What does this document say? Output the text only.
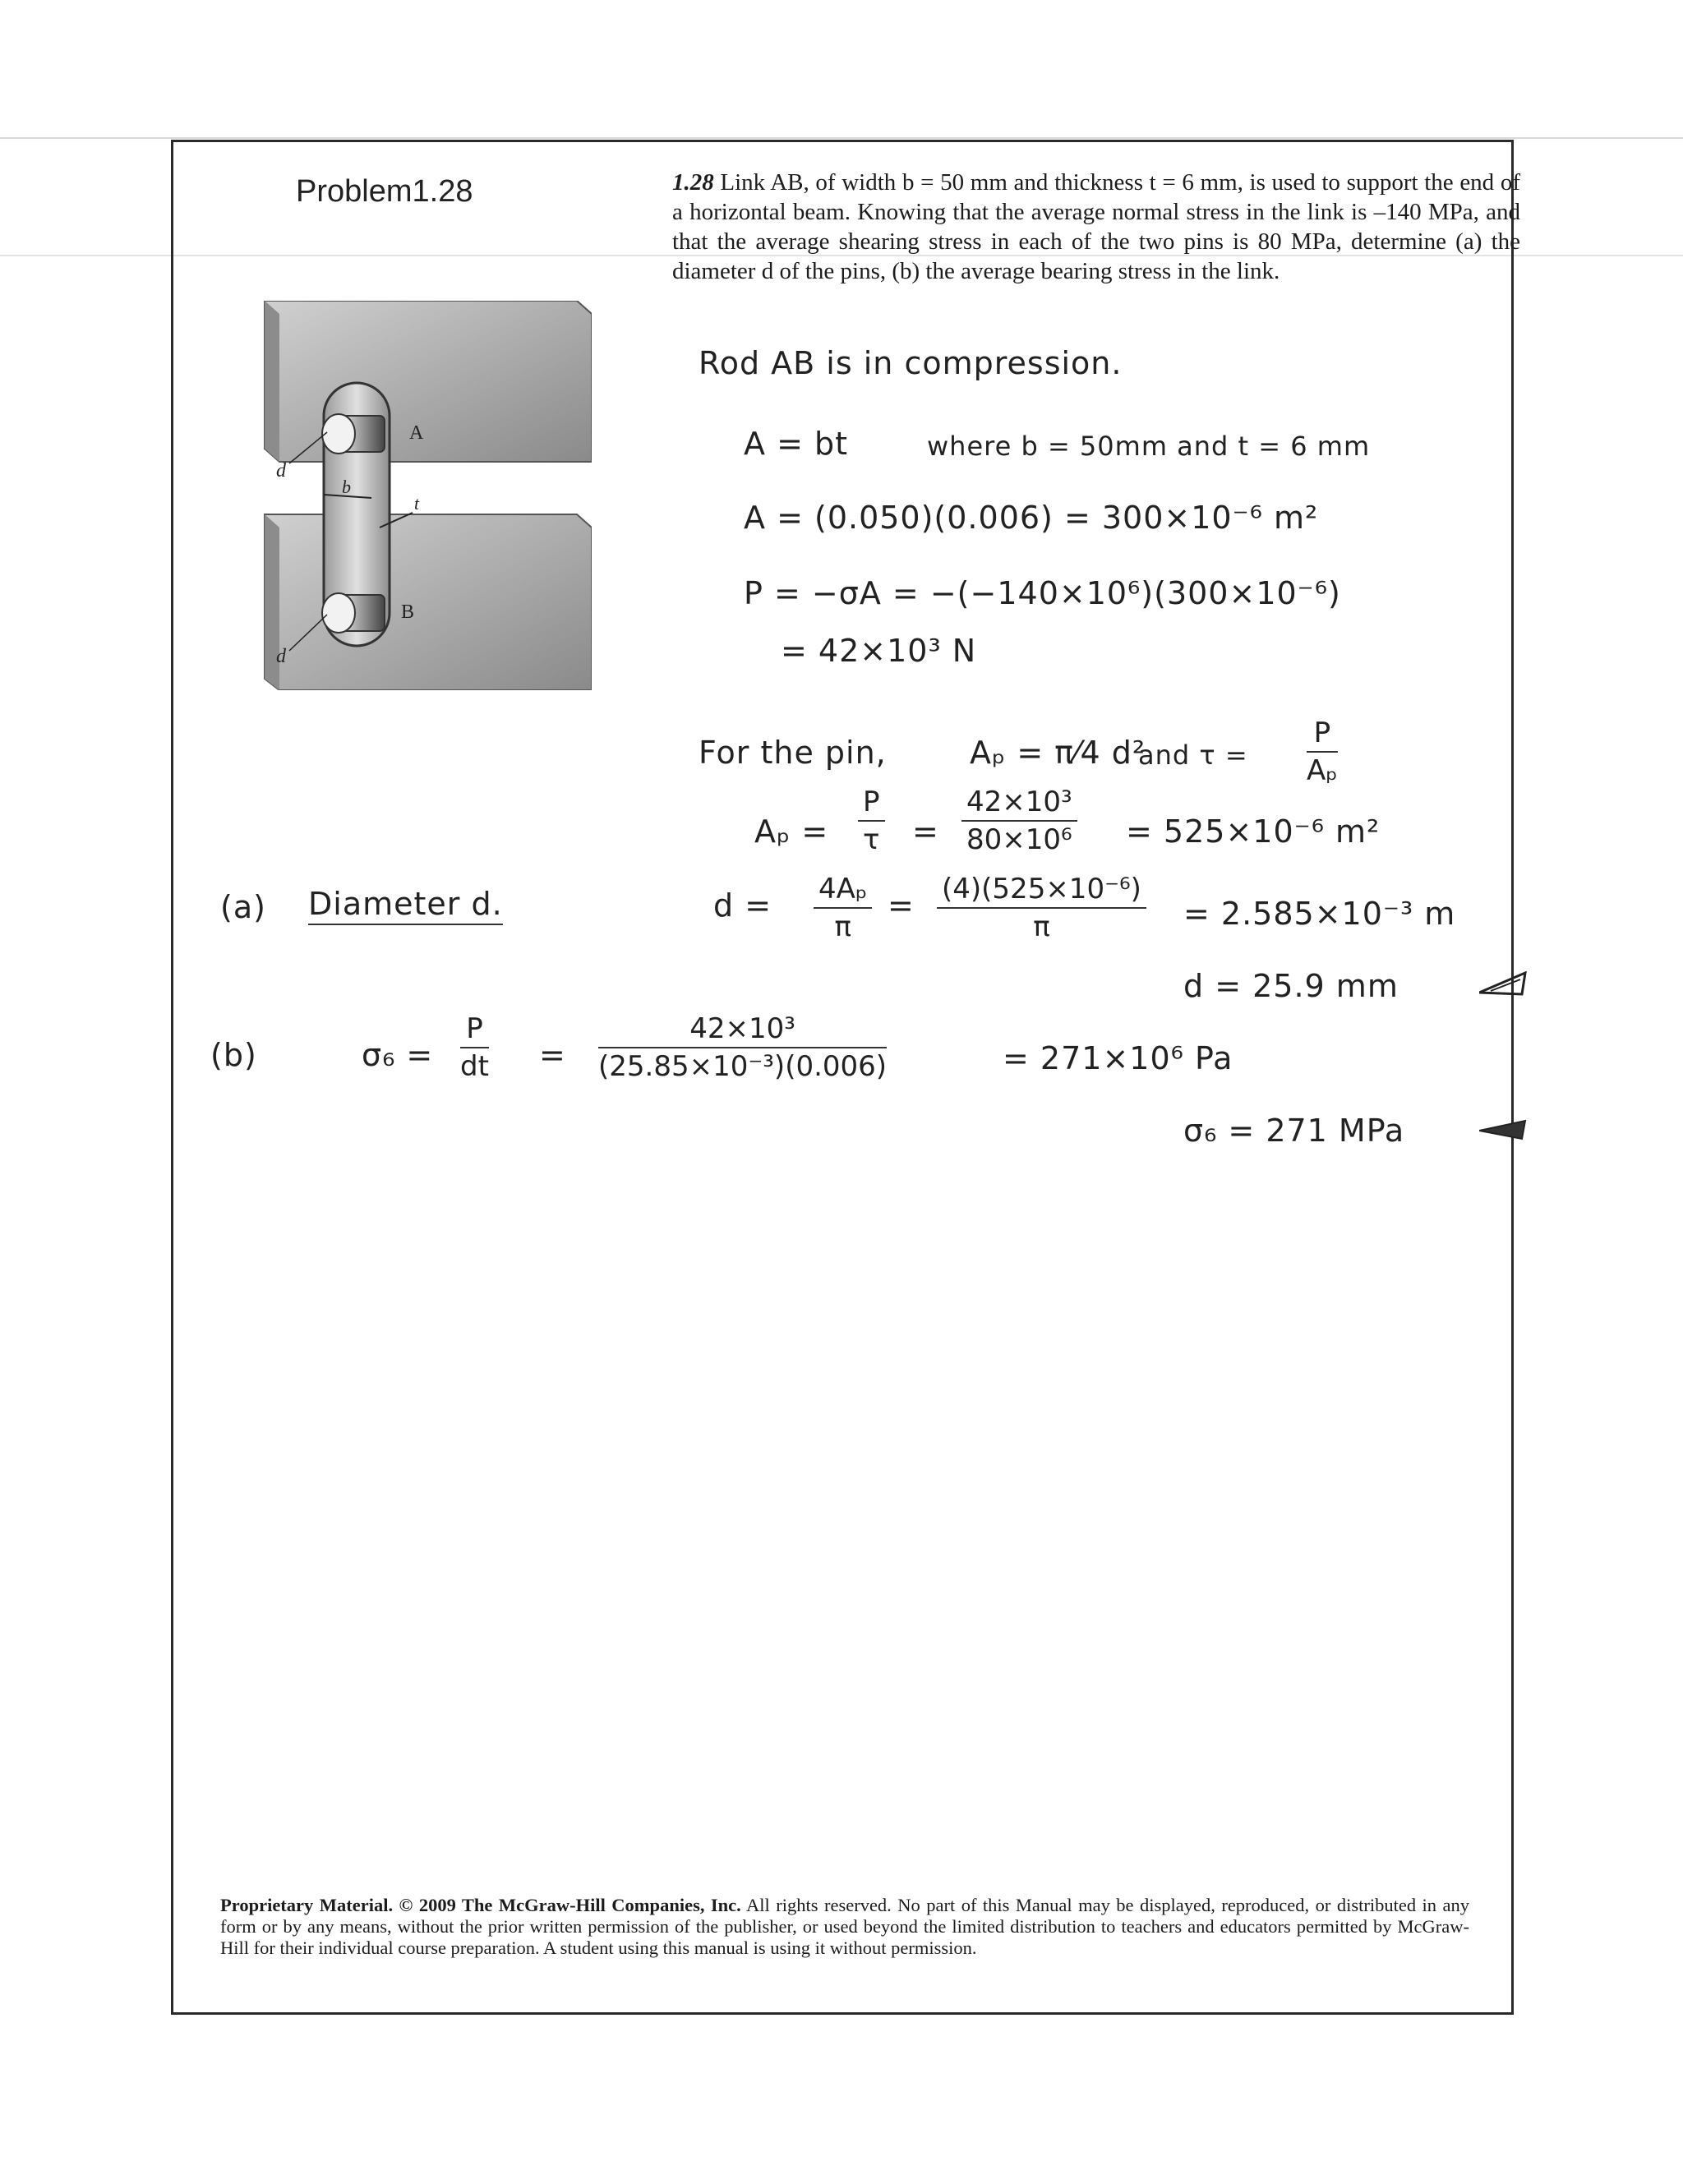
Problem1.28	1.28 Link AB, of width b = 50 mm and thickness t = 6 mm, is used to support the end of a horizontal beam. Knowing that the average normal stress in the link is –140 MPa, and that the average shearing stress in each of the two pins is 80 MPa, determine (a) the diameter d of the pins, (b) the average bearing stress in the link.
A
B
d
d
b
t
Rod AB is in compression.
A = bt	where b = 50mm and t = 6 mm
A = (0.050)(0.006) = 300×10⁻⁶ m²
P = −σA = −(−140×10⁶)(300×10⁻⁶)
= 42×10³ N
For the pin,	Aₚ = π⁄4 d²
and $\tau = \frac{P}{\text{Aₚ}}$
$A_p = \frac{P}{\tau} = \frac{\text{42×10³}}{\text{80×10⁶}} = 525\times 10^{-6}$ m²
(a) Diameter d.	$d = \frac{\text{4Aₚ}}{\pi} = \frac{\text{(4)(525×10⁻⁶)}}{\pi} = 2.585\times 10^{-3}$ m
d = 25.9 mm
(b)	$\sigma_6 = \frac{P}{dt} = \frac{\text{42×10³}}{\text{(25.85×10⁻³)(0.006)}}$	= 271×10⁶ Pa
σ₆ = 271 MPa
Proprietary Material. © 2009 The McGraw-Hill Companies, Inc. All rights reserved. No part of this Manual may be displayed, reproduced, or distributed in any form or by any means, without the prior written permission of the publisher, or used beyond the limited distribution to teachers and educators permitted by McGraw-Hill for their individual course preparation. A student using this manual is using it without permission.
